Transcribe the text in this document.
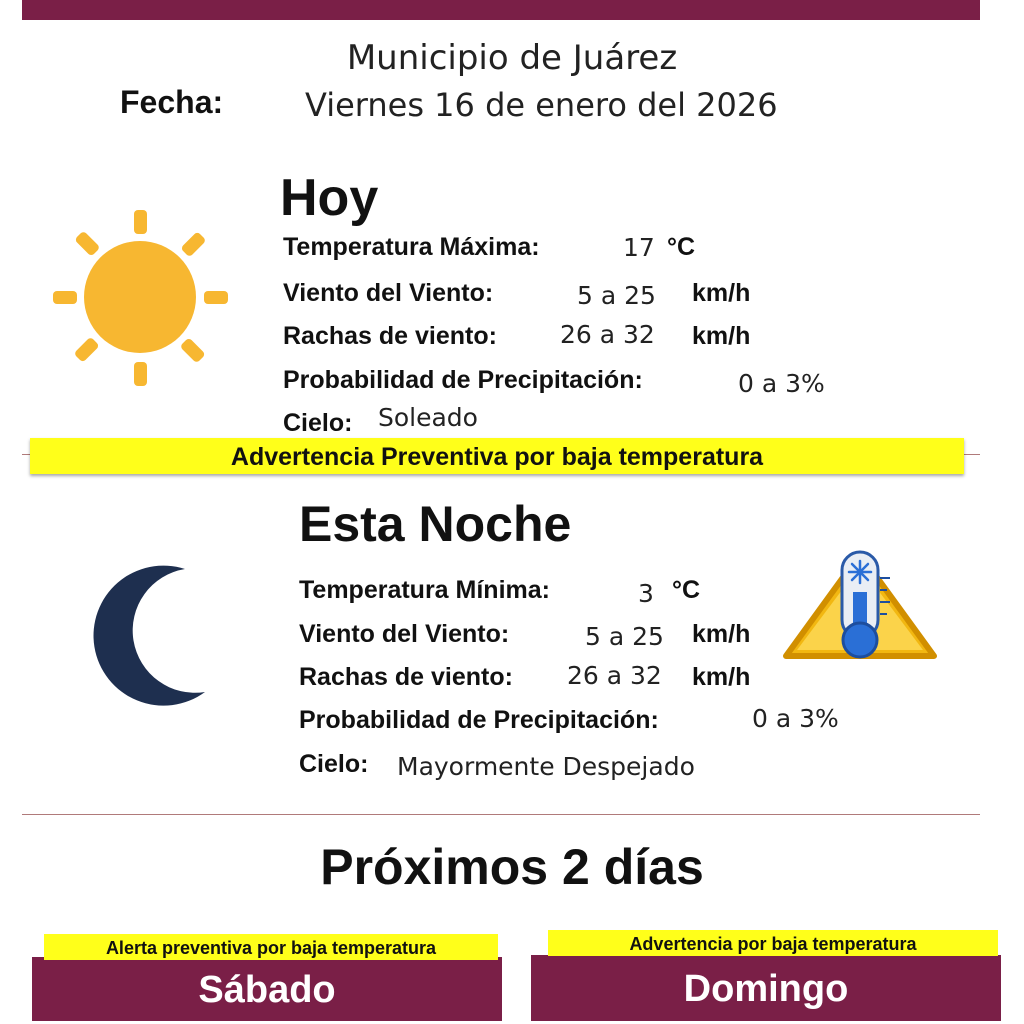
Municipio de Juárez
Fecha:	Viernes 16 de enero del 2026
Hoy
Temperatura Máxima:	17 °C
Viento del Viento:	5 a 25 km/h
Rachas de viento:	26 a 32 km/h
Probabilidad de Precipitación:	0 a 3%
Cielo: Soleado
Advertencia Preventiva por baja temperatura
Esta Noche
Temperatura Mínima:	3 °C
Viento del Viento:	5 a 25 km/h
Rachas de viento: 26 a 32 km/h
Probabilidad de Precipitación:	0 a 3%
Cielo: Mayormente Despejado
Próximos 2 días
Sábado
Alerta preventiva por baja temperatura
Domingo
Advertencia por baja temperatura
